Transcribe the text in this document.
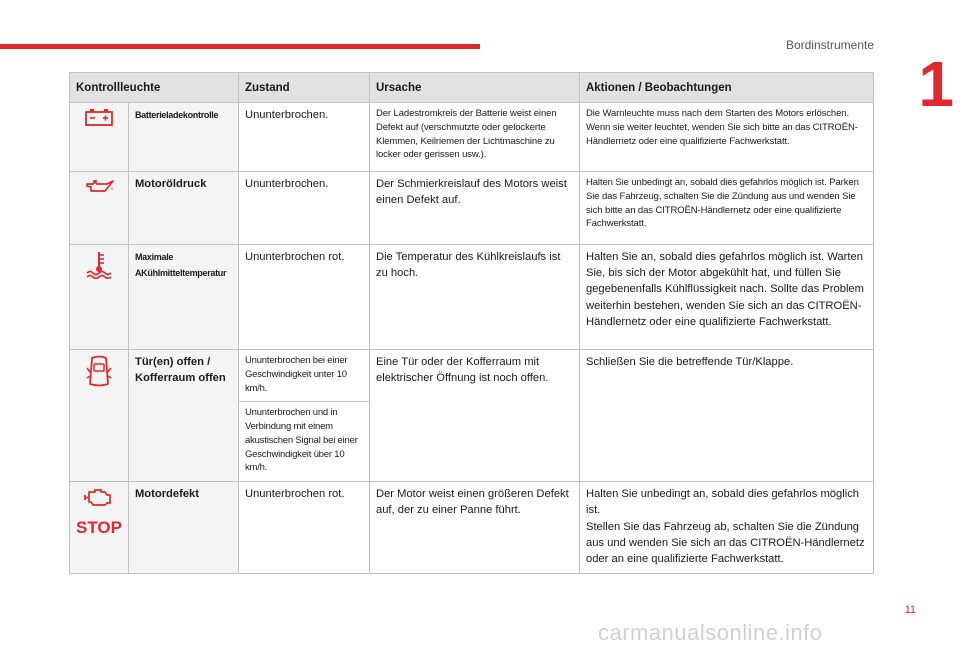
Bordinstrumente
1
Kontrollleuchte		Zustand	Ursache	Aktionen / Beobachtungen

	Batterieladekontrolle	Ununterbrochen.	Der Ladestromkreis der Batterie weist einen Defekt auf (verschmutzte oder gelockerte Klemmen, Keilriemen der Lichtmaschine zu locker oder gerissen usw.).	Die Warnleuchte muss nach dem Starten des Motors erlöschen.
Wenn sie weiter leuchtet, wenden Sie sich bitte an das CITROËN-Händlernetz oder eine qualifizierte Fachwerkstatt.

	Motoröldruck	Ununterbrochen.	Der Schmierkreislauf des Motors weist einen Defekt auf.	Halten Sie unbedingt an, sobald dies gefahrlos möglich ist. Parken Sie das Fahrzeug, schalten Sie die Zündung aus und wenden Sie sich bitte an das CITROËN-Händlernetz oder eine qualifizierte Fachwerkstatt.

	Maximale AKühlmitteltemperatur	Ununterbrochen rot.	Die Temperatur des Kühlkreislaufs ist zu hoch.	Halten Sie an, sobald dies gefahrlos möglich ist. Warten Sie, bis sich der Motor abgekühlt hat, und füllen Sie gegebenenfalls Kühlflüssigkeit nach. Sollte das Problem weiterhin bestehen, wenden Sie sich an das CITROËN-Händlernetz oder eine qualifizierte Fachwerkstatt.

	Tür(en) offen / Kofferraum offen	Ununterbrochen bei einer Geschwindigkeit unter 10 km/h.	Eine Tür oder der Kofferraum mit elektrischer Öffnung ist noch offen.	Schließen Sie die betreffende Tür/Klappe.
		Ununterbrochen und in Verbindung mit einem akustischen Signal bei einer Geschwindigkeit über 10 km/h.		

STOP	Motordefekt	Ununterbrochen rot.	Der Motor weist einen größeren Defekt auf, der zu einer Panne führt.	Halten Sie unbedingt an, sobald dies gefahrlos möglich ist.
Stellen Sie das Fahrzeug ab, schalten Sie die Zündung aus und wenden Sie sich an das CITROËN-Händlernetz oder an eine qualifizierte Fachwerkstatt.
11
carmanualsonline.info
